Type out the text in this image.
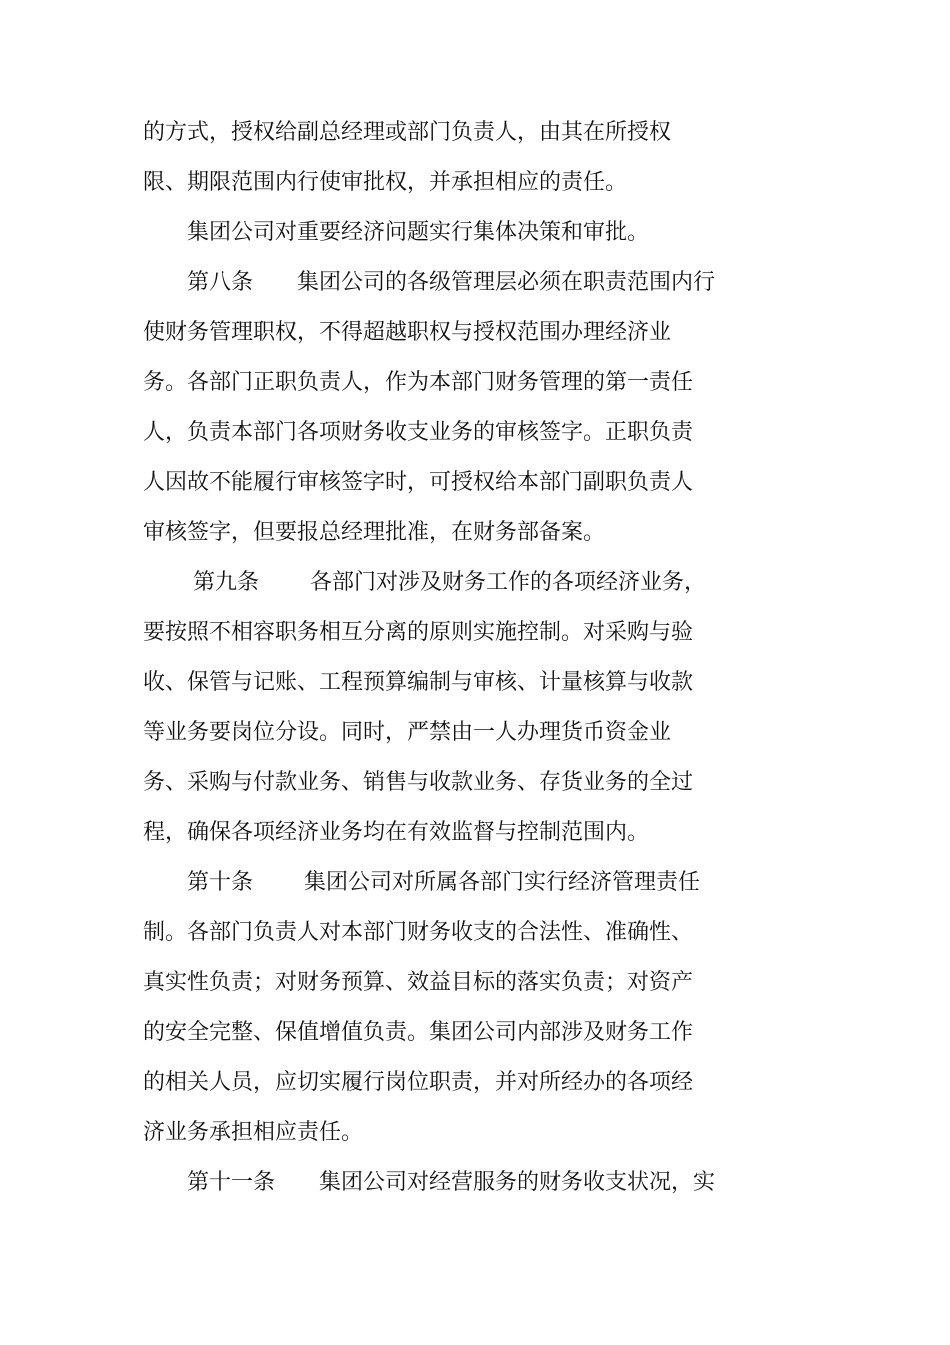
的方式，授权给副总经理或部门负责人，由其在所授权
限、期限范围内行使审批权，并承担相应的责任。
集团公司对重要经济问题实行集体决策和审批。
第八条　　集团公司的各级管理层必须在职责范围内行
使财务管理职权，不得超越职权与授权范围办理经济业
务。各部门正职负责人，作为本部门财务管理的第一责任
人，负责本部门各项财务收支业务的审核签字。正职负责
人因故不能履行审核签字时，可授权给本部门副职负责人
审核签字，但要报总经理批准，在财务部备案。
第九条　　 各部门对涉及财务工作的各项经济业务，
要按照不相容职务相互分离的原则实施控制。对采购与验
收、保管与记账、工程预算编制与审核、计量核算与收款
等业务要岗位分设。同时，严禁由一人办理货币资金业
务、采购与付款业务、销售与收款业务、存货业务的全过
程，确保各项经济业务均在有效监督与控制范围内。
第十条　　 集团公司对所属各部门实行经济管理责任
制。各部门负责人对本部门财务收支的合法性、准确性、
真实性负责；对财务预算、效益目标的落实负责；对资产
的安全完整、保值增值负责。集团公司内部涉及财务工作
的相关人员，应切实履行岗位职责，并对所经办的各项经
济业务承担相应责任。
第十一条　　集团公司对经营服务的财务收支状况，实
